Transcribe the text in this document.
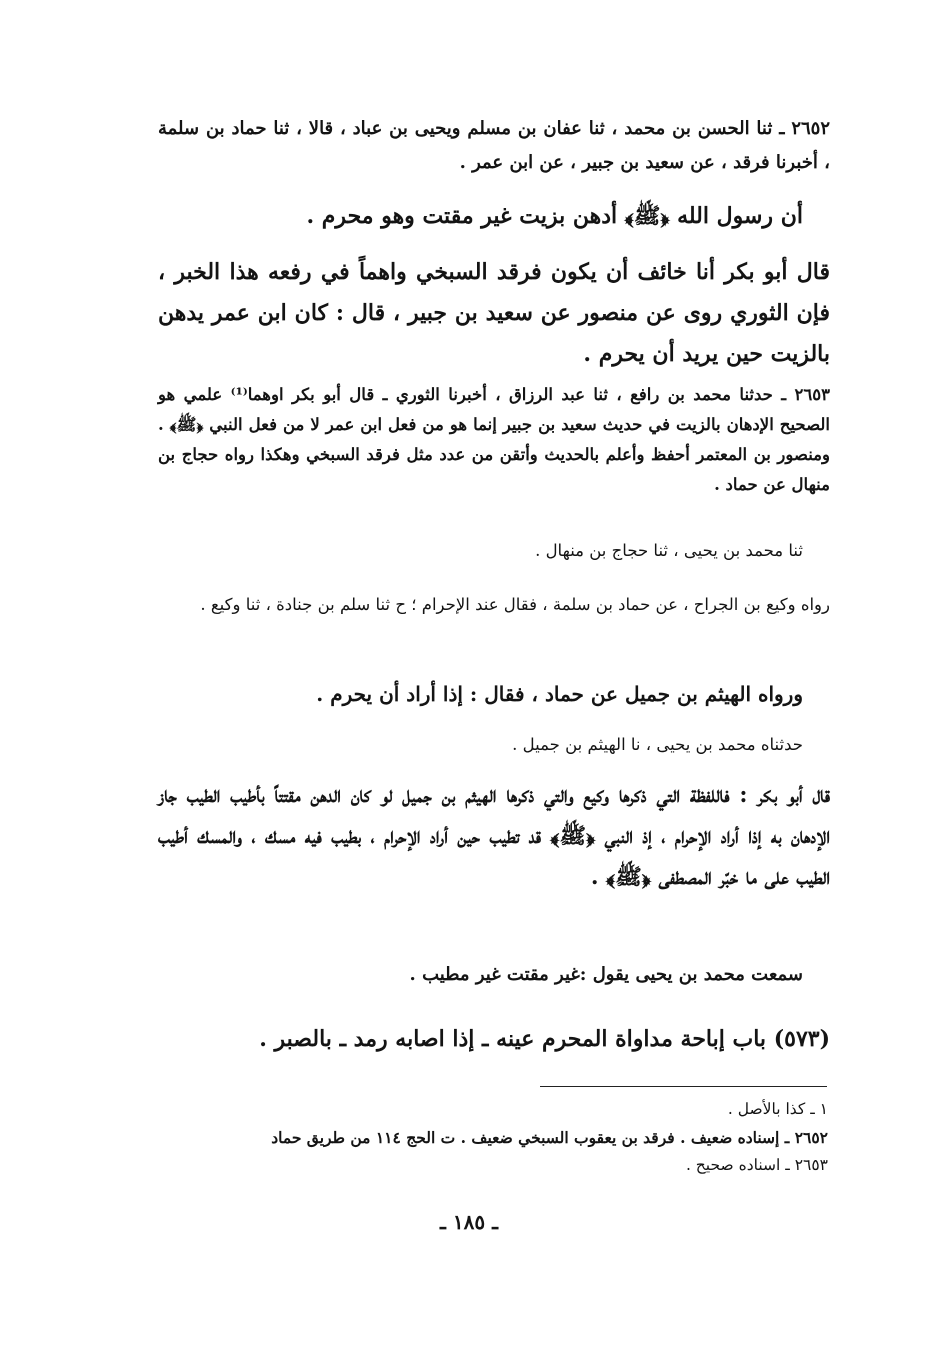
٢٦٥٢ ـ ثنا الحسن بن محمد ، ثنا عفان بن مسلم ويحيى بن عباد ، قالا ، ثنا حماد بن سلمة ، أخبرنا فرقد ، عن سعيد بن جبير ، عن ابن عمر .

أن رسول الله ﴿ﷺ﴾ أدهن بزيت غير مقتت وهو محرم .

قال أبو بكر أنا خائف أن يكون فرقد السبخي واهماً في رفعه هذا الخبر ، فإن الثوري روى عن منصور عن سعيد بن جبير ، قال : كان ابن عمر يدهن بالزيت حين يريد أن يحرم .

٢٦٥٣ ـ حدثنا محمد بن رافع ، ثنا عبد الرزاق ، أخبرنا الثوري ـ قال أبو بكر اوهما⁽¹⁾ علمي هو الصحيح الإدهان بالزيت في حديث سعيد بن جبير إنما هو من فعل ابن عمر لا من فعل النبي ﴿ﷺ﴾ . ومنصور بن المعتمر أحفظ وأعلم بالحديث وأتقن من عدد مثل فرقد السبخي وهكذا رواه حجاج بن منهال عن حماد .

ثنا محمد بن يحيى ، ثنا حجاج بن منهال .

رواه وكيع بن الجراح ، عن حماد بن سلمة ، فقال عند الإحرام ؛ ح ثنا سلم بن جنادة ، ثنا وكيع .

ورواه الهيثم بن جميل عن حماد ، فقال : إذا أراد أن يحرم .

حدثناه محمد بن يحيى ، نا الهيثم بن جميل .

قال أبو بكر : فاللفظة التي ذكرها وكيع والتي ذكرها الهيثم بن جميل لو كان الدهن مقتتاً بأطيب الطيب جاز الإدهان به إذا أراد الإحرام ، إذ النبي ﴿ﷺ﴾ قد تطيب حين أراد الإحرام ، بطيب فيه مسك ، والمسك أطيب الطيب على ما خبّر المصطفى ﴿ﷺ﴾ .

سمعت محمد بن يحيى يقول :غير مقتت غير مطيب .

(٥٧٣) باب إباحة مداواة المحرم عينه ـ إذا اصابه رمد ـ بالصبر .

١ ـ كذا بالأصل .

٢٦٥٢ ـ إسناده ضعيف . فرقد بن يعقوب السبخي ضعيف . ت الحج ١١٤ من طريق حماد

٢٦٥٣ ـ اسناده صحيح .

ـ ١٨٥ ـ
